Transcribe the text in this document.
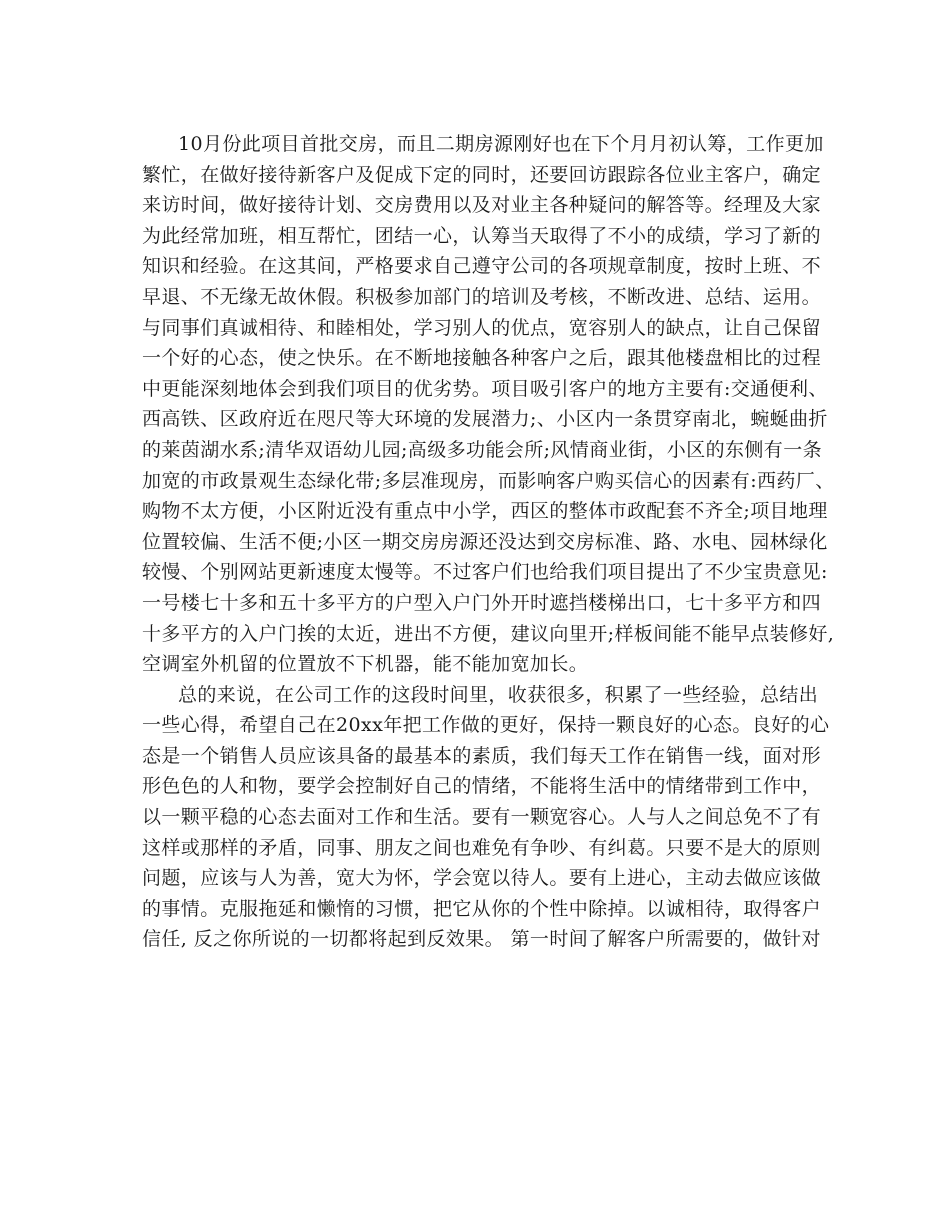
10月份此项目首批交房，而且二期房源刚好也在下个月月初认筹，工作更加
繁忙，在做好接待新客户及促成下定的同时，还要回访跟踪各位业主客户，确定
来访时间，做好接待计划、交房费用以及对业主各种疑问的解答等。经理及大家
为此经常加班，相互帮忙，团结一心，认筹当天取得了不小的成绩，学习了新的
知识和经验。在这其间，严格要求自己遵守公司的各项规章制度，按时上班、不
早退、不无缘无故休假。积极参加部门的培训及考核，不断改进、总结、运用。
与同事们真诚相待、和睦相处，学习别人的优点，宽容别人的缺点，让自己保留
一个好的心态，使之快乐。在不断地接触各种客户之后，跟其他楼盘相比的过程
中更能深刻地体会到我们项目的优劣势。项目吸引客户的地方主要有:交通便利、
西高铁、区政府近在咫尺等大环境的发展潜力;、小区内一条贯穿南北，蜿蜒曲折
的莱茵湖水系;清华双语幼儿园;高级多功能会所;风情商业街，小区的东侧有一条
加宽的市政景观生态绿化带;多层准现房，而影响客户购买信心的因素有:西药厂、
购物不太方便，小区附近没有重点中小学，西区的整体市政配套不齐全;项目地理
位置较偏、生活不便;小区一期交房房源还没达到交房标准、路、水电、园林绿化
较慢、个别网站更新速度太慢等。不过客户们也给我们项目提出了不少宝贵意见:
一号楼七十多和五十多平方的户型入户门外开时遮挡楼梯出口，七十多平方和四
十多平方的入户门挨的太近，进出不方便，建议向里开;样板间能不能早点装修好,
空调室外机留的位置放不下机器，能不能加宽加长。
总的来说，在公司工作的这段时间里，收获很多，积累了一些经验，总结出
一些心得，希望自己在20xx年把工作做的更好，保持一颗良好的心态。良好的心
态是一个销售人员应该具备的最基本的素质，我们每天工作在销售一线，面对形
形色色的人和物，要学会控制好自己的情绪，不能将生活中的情绪带到工作中，
以一颗平稳的心态去面对工作和生活。要有一颗宽容心。人与人之间总免不了有
这样或那样的矛盾，同事、朋友之间也难免有争吵、有纠葛。只要不是大的原则
问题，应该与人为善，宽大为怀，学会宽以待人。要有上进心，主动去做应该做
的事情。克服拖延和懒惰的习惯，把它从你的个性中除掉。以诚相待，取得客户
信任, 反之你所说的一切都将起到反效果。 第一时间了解客户所需要的，做针对
